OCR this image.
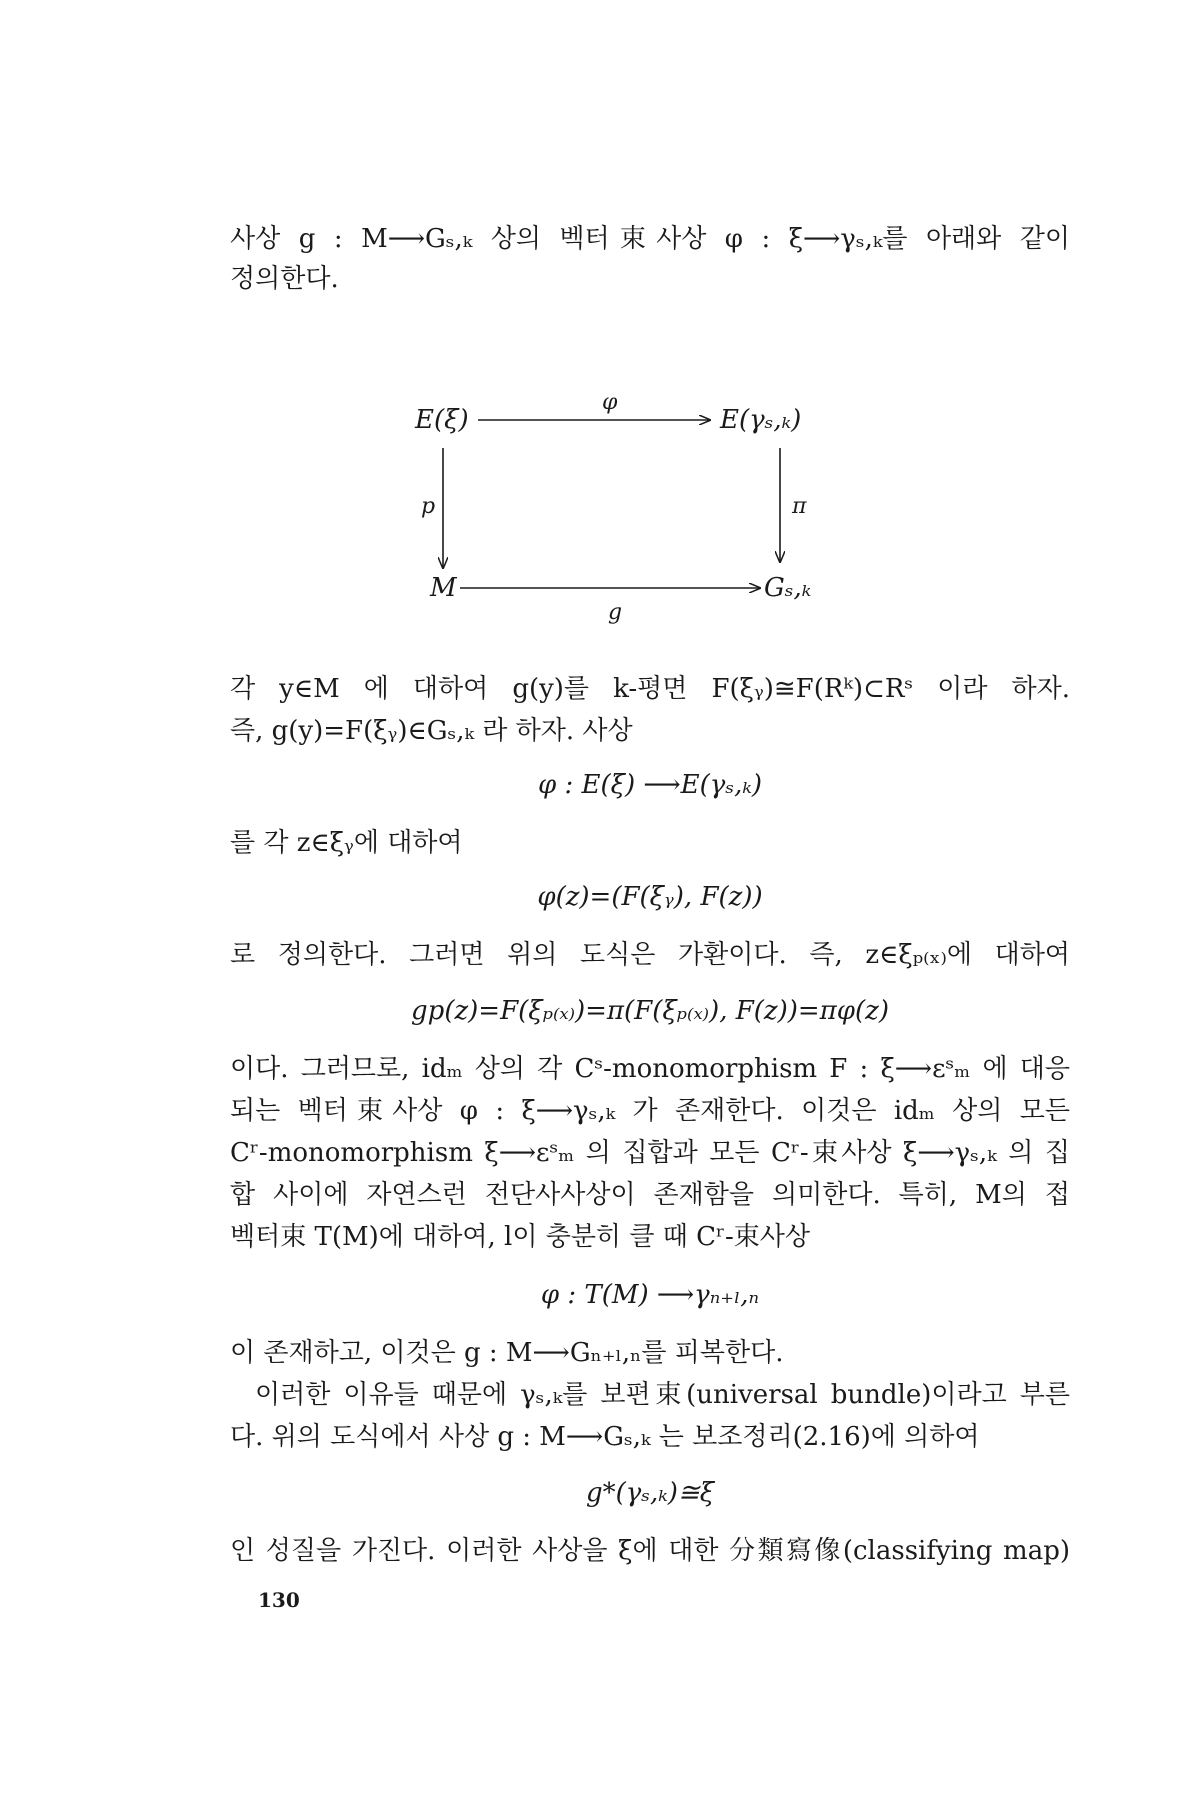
사상 g : M⟶Gₛ,ₖ 상의 벡터束사상 φ : ξ⟶γₛ,ₖ를 아래와 같이
정의한다.
E(ξ)	E(γₛ,ₖ)
M	Gₛ,ₖ
φ
p	π
g
각 y∈M 에 대하여 g(y)를 k-평면 F(ξᵧ)≅F(Rᵏ)⊂Rˢ 이라 하자.
즉, g(y)=F(ξᵧ)∈Gₛ,ₖ 라 하자. 사상
φ : E(ξ) ⟶E(γₛ,ₖ)
를 각 z∈ξᵧ에 대하여
φ(z)=(F(ξᵧ), F(z))
로 정의한다. 그러면 위의 도식은 가환이다. 즉, z∈ξₚ₍ₓ₎에 대하여
gp(z)=F(ξₚ₍ₓ₎)=π(F(ξₚ₍ₓ₎), F(z))=πφ(z)
이다. 그러므로, idₘ 상의 각 Cˢ-monomorphism F : ξ⟶εˢₘ 에 대응
되는 벡터束사상 φ : ξ⟶γₛ,ₖ 가 존재한다. 이것은 idₘ 상의 모든
Cʳ-monomorphism ξ⟶εˢₘ 의 집합과 모든 Cʳ-束사상 ξ⟶γₛ,ₖ 의 집
합 사이에 자연스런 전단사사상이 존재함을 의미한다. 특히, M의 접
벡터束 T(M)에 대하여, l이 충분히 클 때 Cʳ-束사상
φ : T(M) ⟶γₙ₊ₗ,ₙ
이 존재하고, 이것은 g : M⟶Gₙ₊ₗ,ₙ를 피복한다.
이러한 이유들 때문에 γₛ,ₖ를 보편束(universal bundle)이라고 부른
다. 위의 도식에서 사상 g : M⟶Gₛ,ₖ 는 보조정리(2.16)에 의하여
g*(γₛ,ₖ)≅ξ
인 성질을 가진다. 이러한 사상을 ξ에 대한 分類寫像(classifying map)
130
